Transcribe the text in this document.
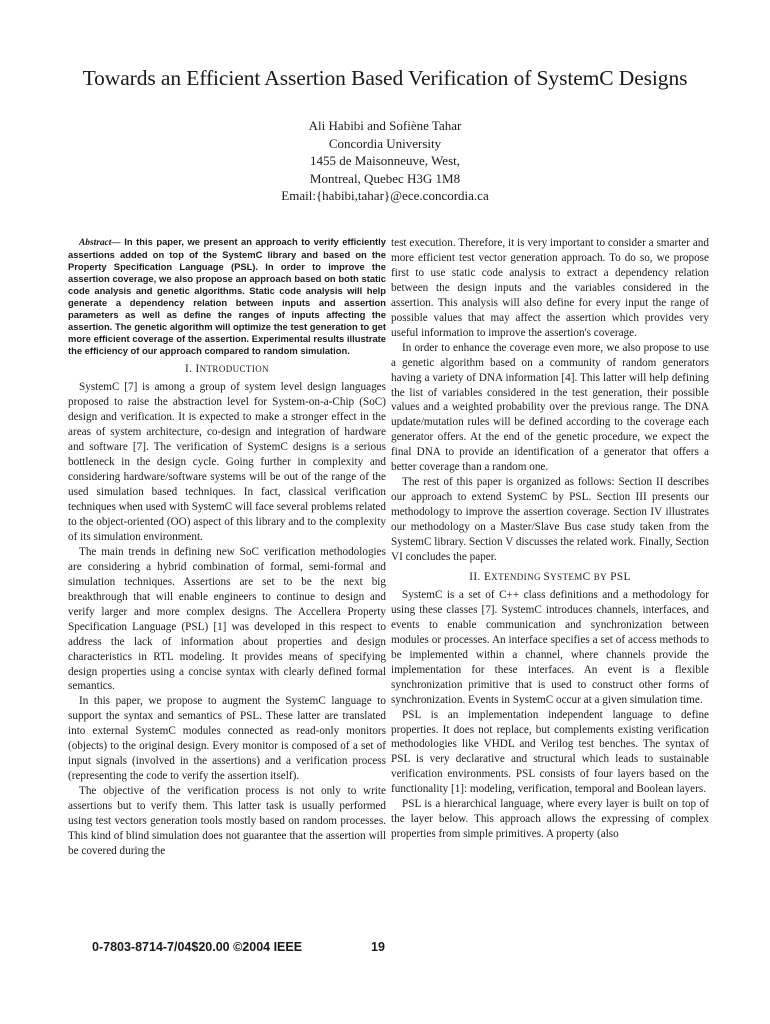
Towards an Efficient Assertion Based Verification of SystemC Designs
Ali Habibi and Sofiène Tahar
Concordia University
1455 de Maisonneuve, West,
Montreal, Quebec H3G 1M8
Email:{habibi,tahar}@ece.concordia.ca

Abstract— In this paper, we present an approach to verify efficiently assertions added on top of the SystemC library and based on the Property Specification Language (PSL). In order to improve the assertion coverage, we also propose an approach based on both static code analysis and genetic algorithms. Static code analysis will help generate a dependency relation between inputs and assertion parameters as well as define the ranges of inputs affecting the assertion. The genetic algorithm will optimize the test generation to get more efficient coverage of the assertion. Experimental results illustrate the efficiency of our approach compared to random simulation.

I. INTRODUCTION

SystemC [7] is among a group of system level design languages proposed to raise the abstraction level for System-on-a-Chip (SoC) design and verification. It is expected to make a stronger effect in the areas of system architecture, co-design and integration of hardware and software [7]. The verification of SystemC designs is a serious bottleneck in the design cycle. Going further in complexity and considering hardware/software systems will be out of the range of the used simulation based techniques. In fact, classical verification techniques when used with SystemC will face several problems related to the object-oriented (OO) aspect of this library and to the complexity of its simulation environment.

The main trends in defining new SoC verification methodologies are considering a hybrid combination of formal, semi-formal and simulation techniques. Assertions are set to be the next big breakthrough that will enable engineers to continue to design and verify larger and more complex designs. The Accellera Property Specification Language (PSL) [1] was developed in this respect to address the lack of information about properties and design characteristics in RTL modeling. It provides means of specifying design properties using a concise syntax with clearly defined formal semantics.

In this paper, we propose to augment the SystemC language to support the syntax and semantics of PSL. These latter are translated into external SystemC modules connected as read-only monitors (objects) to the original design. Every monitor is composed of a set of input signals (involved in the assertions) and a verification process (representing the code to verify the assertion itself).

The objective of the verification process is not only to write assertions but to verify them. This latter task is usually performed using test vectors generation tools mostly based on random processes. This kind of blind simulation does not guarantee that the assertion will be covered during the

test execution. Therefore, it is very important to consider a smarter and more efficient test vector generation approach. To do so, we propose first to use static code analysis to extract a dependency relation between the design inputs and the variables considered in the assertion. This analysis will also define for every input the range of possible values that may affect the assertion which provides very useful information to improve the assertion's coverage.

In order to enhance the coverage even more, we also propose to use a genetic algorithm based on a community of random generators having a variety of DNA information [4]. This latter will help defining the list of variables considered in the test generation, their possible values and a weighted probability over the previous range. The DNA update/mutation rules will be defined according to the coverage each generator offers. At the end of the genetic procedure, we expect the final DNA to provide an identification of a generator that offers a better coverage than a random one.

The rest of this paper is organized as follows: Section II describes our approach to extend SystemC by PSL. Section III presents our methodology to improve the assertion coverage. Section IV illustrates our methodology on a Master/Slave Bus case study taken from the SystemC library. Section V discusses the related work. Finally, Section VI concludes the paper.

II. EXTENDING SYSTEMC BY PSL

SystemC is a set of C++ class definitions and a methodology for using these classes [7]. SystemC introduces channels, interfaces, and events to enable communication and synchronization between modules or processes. An interface specifies a set of access methods to be implemented within a channel, where channels provide the implementation for these interfaces. An event is a flexible synchronization primitive that is used to construct other forms of synchronization. Events in SystemC occur at a given simulation time.

PSL is an implementation independent language to define properties. It does not replace, but complements existing verification methodologies like VHDL and Verilog test benches. The syntax of PSL is very declarative and structural which leads to sustainable verification environments. PSL consists of four layers based on the functionality [1]: modeling, verification, temporal and Boolean layers.

PSL is a hierarchical language, where every layer is built on top of the layer below. This approach allows the expressing of complex properties from simple primitives. A property (also

0-7803-8714-7/04$20.00 ©2004 IEEE	19
